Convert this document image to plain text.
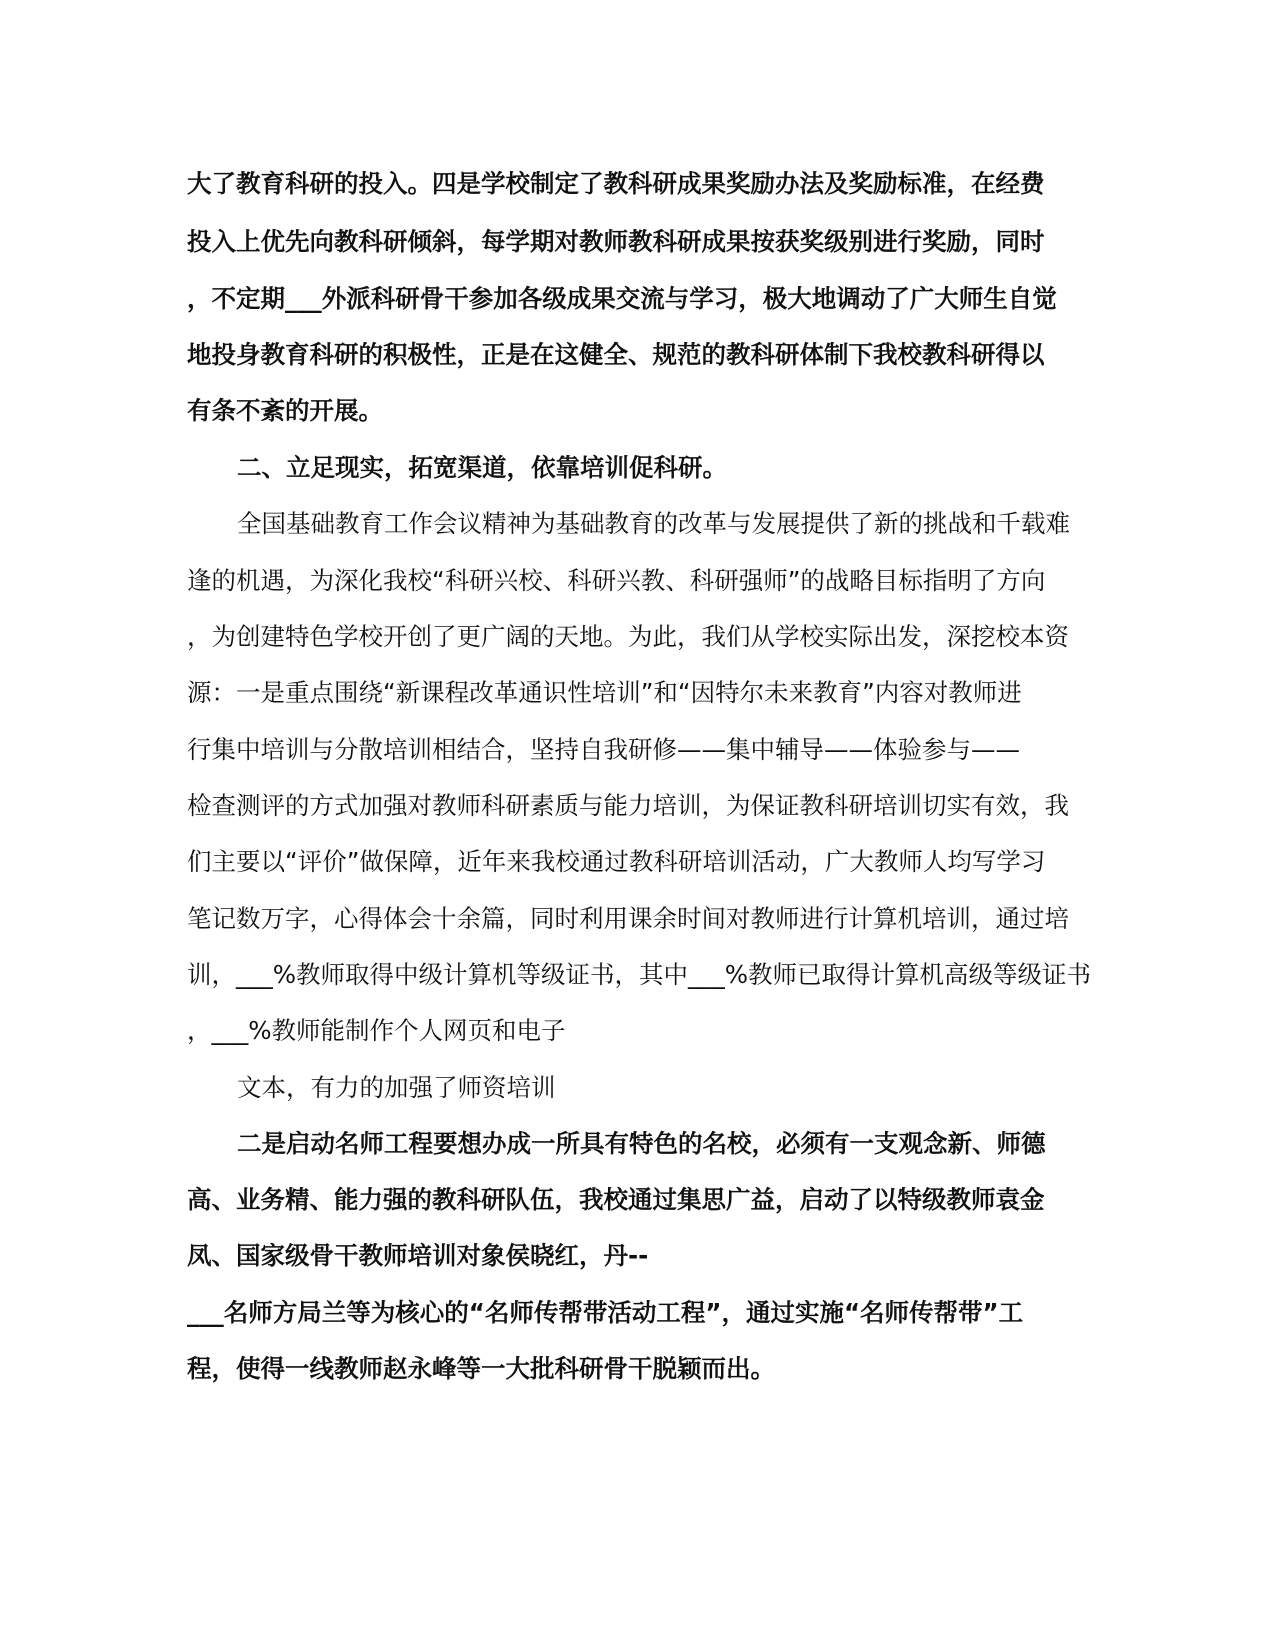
大了教育科研的投入。四是学校制定了教科研成果奖励办法及奖励标准，在经费
投入上优先向教科研倾斜，每学期对教师教科研成果按获奖级别进行奖励，同时
，不定期___外派科研骨干参加各级成果交流与学习，极大地调动了广大师生自觉
地投身教育科研的积极性，正是在这健全、规范的教科研体制下我校教科研得以
有条不紊的开展。
二、立足现实，拓宽渠道，依靠培训促科研。
全国基础教育工作会议精神为基础教育的改革与发展提供了新的挑战和千载难
逢的机遇，为深化我校“科研兴校、科研兴教、科研强师”的战略目标指明了方向
，为创建特色学校开创了更广阔的天地。为此，我们从学校实际出发，深挖校本资
源：一是重点围绕“新课程改革通识性培训”和“因特尔未来教育”内容对教师进
行集中培训与分散培训相结合，坚持自我研修——集中辅导——体验参与——
检查测评的方式加强对教师科研素质与能力培训，为保证教科研培训切实有效，我
们主要以“评价”做保障，近年来我校通过教科研培训活动，广大教师人均写学习
笔记数万字，心得体会十余篇，同时利用课余时间对教师进行计算机培训，通过培
训，___%教师取得中级计算机等级证书，其中___%教师已取得计算机高级等级证书
，___%教师能制作个人网页和电子
文本，有力的加强了师资培训
二是启动名师工程要想办成一所具有特色的名校，必须有一支观念新、师德
高、业务精、能力强的教科研队伍，我校通过集思广益，启动了以特级教师袁金
凤、国家级骨干教师培训对象侯晓红，丹--
___名师方局兰等为核心的“名师传帮带活动工程”，通过实施“名师传帮带”工
程，使得一线教师赵永峰等一大批科研骨干脱颖而出。
